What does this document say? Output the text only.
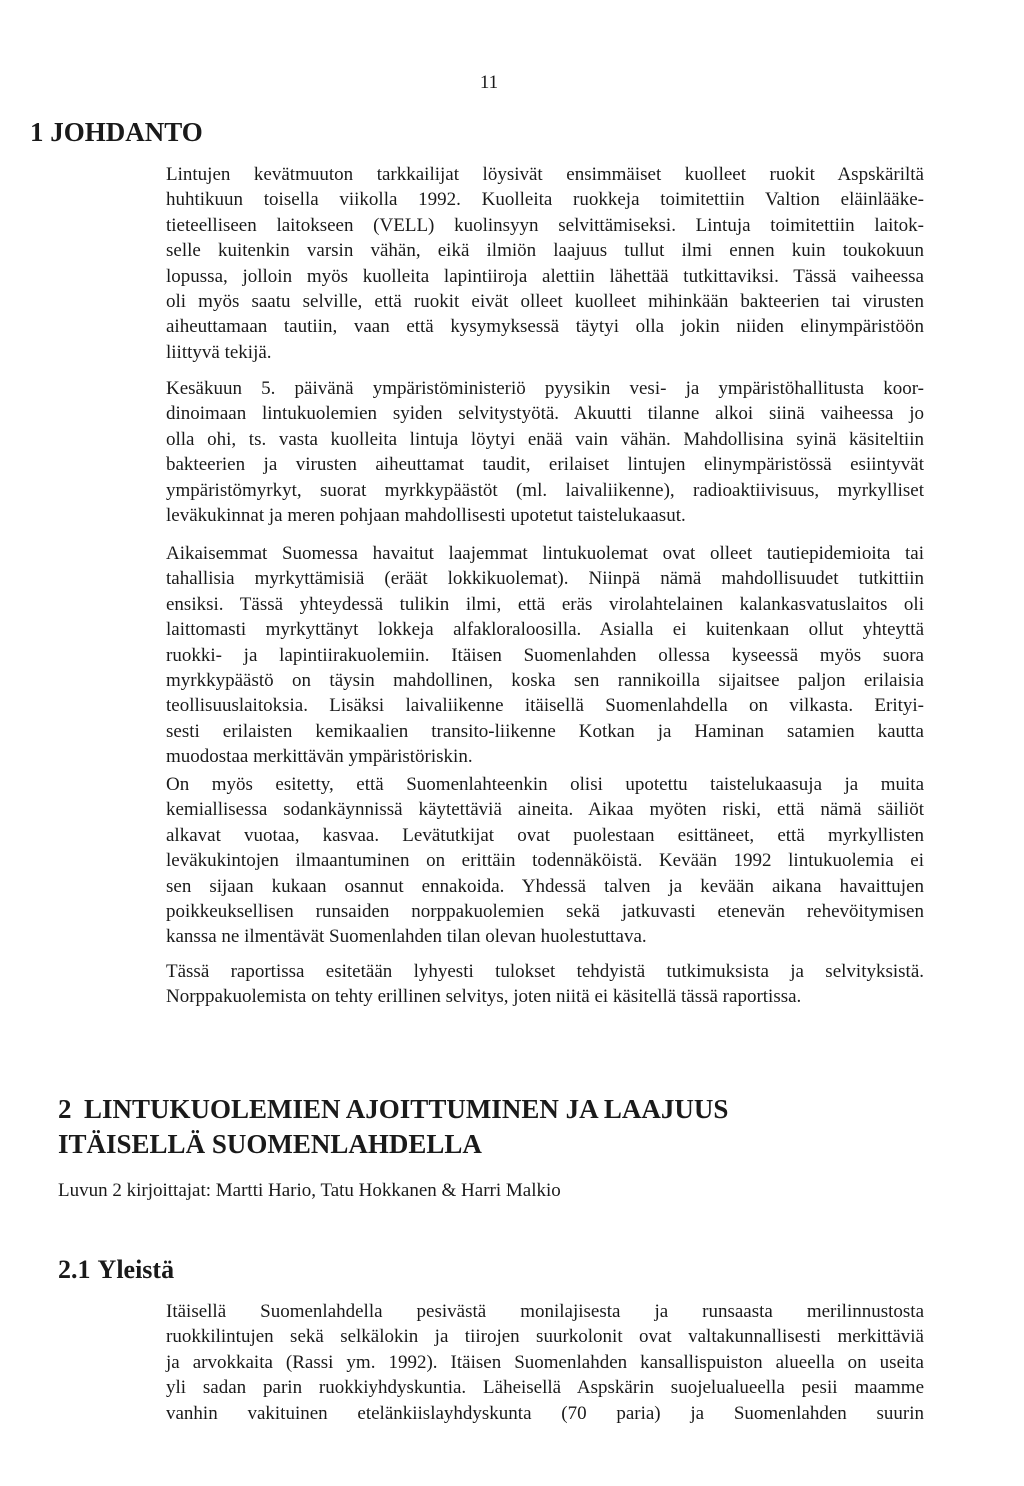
11
1 JOHDANTO

Lintujen kevätmuuton tarkkailijat löysivät ensimmäiset kuolleet ruokit Aspskäriltä
huhtikuun toisella viikolla 1992. Kuolleita ruokkeja toimitettiin Valtion eläinlääke-
tieteelliseen laitokseen (VELL) kuolinsyyn selvittämiseksi. Lintuja toimitettiin laitok-
selle kuitenkin varsin vähän, eikä ilmiön laajuus tullut ilmi ennen kuin toukokuun
lopussa, jolloin myös kuolleita lapintiiroja alettiin lähettää tutkittaviksi. Tässä vaiheessa
oli myös saatu selville, että ruokit eivät olleet kuolleet mihinkään bakteerien tai virusten
aiheuttamaan tautiin, vaan että kysymyksessä täytyi olla jokin niiden elinympäristöön
liittyvä tekijä.

Kesäkuun 5. päivänä ympäristöministeriö pyysikin vesi- ja ympäristöhallitusta koor-
dinoimaan lintukuolemien syiden selvitystyötä. Akuutti tilanne alkoi siinä vaiheessa jo
olla ohi, ts. vasta kuolleita lintuja löytyi enää vain vähän. Mahdollisina syinä käsiteltiin
bakteerien ja virusten aiheuttamat taudit, erilaiset lintujen elinympäristössä esiintyvät
ympäristömyrkyt, suorat myrkkypäästöt (ml. laivaliikenne), radioaktiivisuus, myrkylliset
leväkukinnat ja meren pohjaan mahdollisesti upotetut taistelukaasut.

Aikaisemmat Suomessa havaitut laajemmat lintukuolemat ovat olleet tautiepidemioita tai
tahallisia myrkyttämisiä (eräät lokkikuolemat). Niinpä nämä mahdollisuudet tutkittiin
ensiksi. Tässä yhteydessä tulikin ilmi, että eräs virolahtelainen kalankasvatuslaitos oli
laittomasti myrkyttänyt lokkeja alfakloraloosilla. Asialla ei kuitenkaan ollut yhteyttä
ruokki- ja lapintiirakuolemiin. Itäisen Suomenlahden ollessa kyseessä myös suora
myrkkypäästö on täysin mahdollinen, koska sen rannikoilla sijaitsee paljon erilaisia
teollisuuslaitoksia. Lisäksi laivaliikenne itäisellä Suomenlahdella on vilkasta. Erityi-
sesti erilaisten kemikaalien transito-liikenne Kotkan ja Haminan satamien kautta
muodostaa merkittävän ympäristöriskin.

On myös esitetty, että Suomenlahteenkin olisi upotettu taistelukaasuja ja muita
kemiallisessa sodankäynnissä käytettäviä aineita. Aikaa myöten riski, että nämä säiliöt
alkavat vuotaa, kasvaa. Levätutkijat ovat puolestaan esittäneet, että myrkyllisten
leväkukintojen ilmaantuminen on erittäin todennäköistä. Kevään 1992 lintukuolemia ei
sen sijaan kukaan osannut ennakoida. Yhdessä talven ja kevään aikana havaittujen
poikkeuksellisen runsaiden norppakuolemien sekä jatkuvasti etenevän rehevöitymisen
kanssa ne ilmentävät Suomenlahden tilan olevan huolestuttava.

Tässä raportissa esitetään lyhyesti tulokset tehdyistä tutkimuksista ja selvityksistä.
Norppakuolemista on tehty erillinen selvitys, joten niitä ei käsitellä tässä raportissa.

2 LINTUKUOLEMIEN AJOITTUMINEN JA LAAJUUS
ITÄISELLÄ SUOMENLAHDELLA

Luvun 2 kirjoittajat: Martti Hario, Tatu Hokkanen & Harri Malkio

2.1 Yleistä

Itäisellä Suomenlahdella pesivästä monilajisesta ja runsaasta merilinnustosta
ruokkilintujen sekä selkälokin ja tiirojen suurkolonit ovat valtakunnallisesti merkittäviä
ja arvokkaita (Rassi ym. 1992). Itäisen Suomenlahden kansallispuiston alueella on useita
yli sadan parin ruokkiyhdyskuntia. Läheisellä Aspskärin suojelualueella pesii maamme
vanhin vakituinen etelänkiislayhdyskunta (70 paria) ja Suomenlahden suurin
